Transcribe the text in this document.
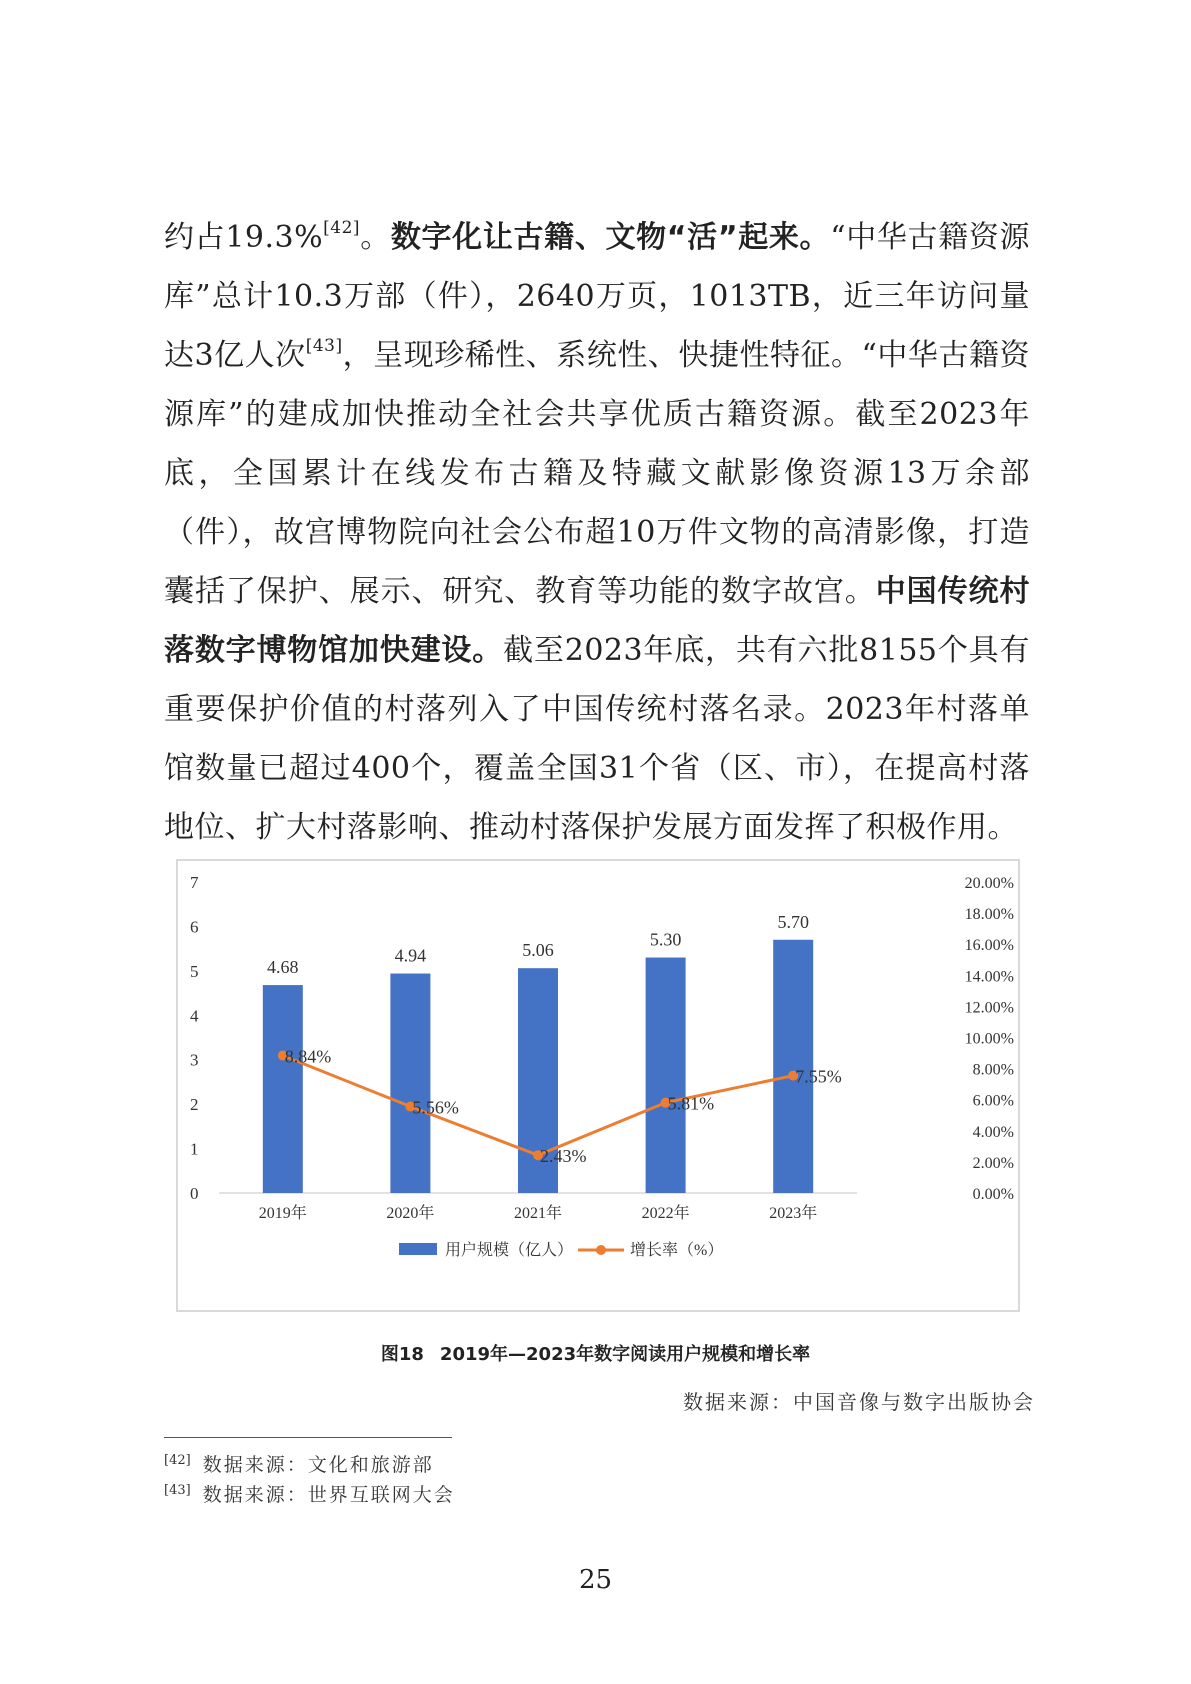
约占19.3%[42]。数字化让古籍、文物“活”起来。“中华古籍资源库”总计10.3万部（件），2640万页，1013TB，近三年访问量达3亿人次[43]，呈现珍稀性、系统性、快捷性特征。“中华古籍资源库”的建成加快推动全社会共享优质古籍资源。截至2023年底，全国累计在线发布古籍及特藏文献影像资源13万余部（件），故宫博物院向社会公布超10万件文物的高清影像，打造囊括了保护、展示、研究、教育等功能的数字故宫。中国传统村落数字博物馆加快建设。截至2023年底，共有六批8155个具有重要保护价值的村落列入了中国传统村落名录。2023年村落单馆数量已超过400个，覆盖全国31个省（区、市），在提高村落地位、扩大村落影响、推动村落保护发展方面发挥了积极作用。

0
1
2
3
4
5
6
7
0.00%
2.00%
4.00%
6.00%
8.00%
10.00%
12.00%
14.00%
16.00%
18.00%
20.00%
4.68
4.94	5.06
5.30
5.70
2019年	2020年	2021年	2022年	2023年
8.84%
5.56%
2.43%
5.81%
7.55%
用户规模（亿人）	增长率（%）
图18 2019年—2023年数字阅读用户规模和增长率
数据来源：中国音像与数字出版协会
[42] 数据来源：文化和旅游部
[43] 数据来源：世界互联网大会
25
